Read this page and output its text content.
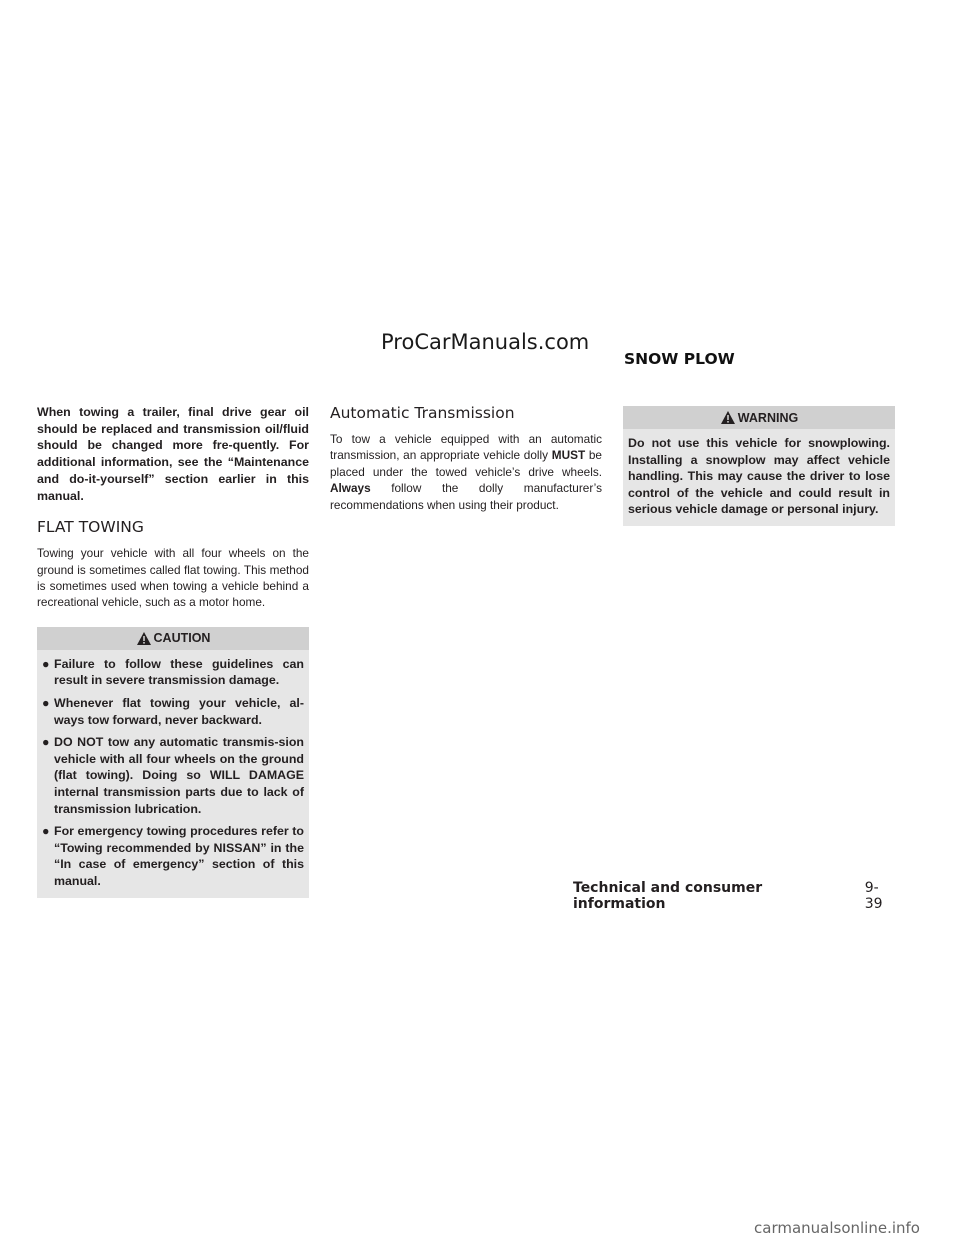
ProCarManuals.com
SNOW PLOW

When towing a trailer, final drive gear oil should be replaced and transmission oil/fluid should be changed more fre-quently. For additional information, see the “Maintenance and do-it-yourself” section earlier in this manual.

FLAT TOWING

Towing your vehicle with all four wheels on the ground is sometimes called flat towing. This method is sometimes used when towing a vehicle behind a recreational vehicle, such as a motor home.

CAUTION
● Failure to follow these guidelines can result in severe transmission damage.
● Whenever flat towing your vehicle, al-ways tow forward, never backward.
● DO NOT tow any automatic transmis-sion vehicle with all four wheels on the ground (flat towing). Doing so WILL DAMAGE internal transmission parts due to lack of transmission lubrication.
● For emergency towing procedures refer to “Towing recommended by NISSAN” in the “In case of emergency” section of this manual.
Automatic Transmission

To tow a vehicle equipped with an automatic transmission, an appropriate vehicle dolly MUST be placed under the towed vehicle’s drive wheels. Always follow the dolly manufacturer’s recommendations when using their product.

WARNING

Do not use this vehicle for snowplowing. Installing a snowplow may affect vehicle handling. This may cause the driver to lose control of the vehicle and could result in serious vehicle damage or personal injury.

Technical and consumer information
9-39
carmanualsonline.info
